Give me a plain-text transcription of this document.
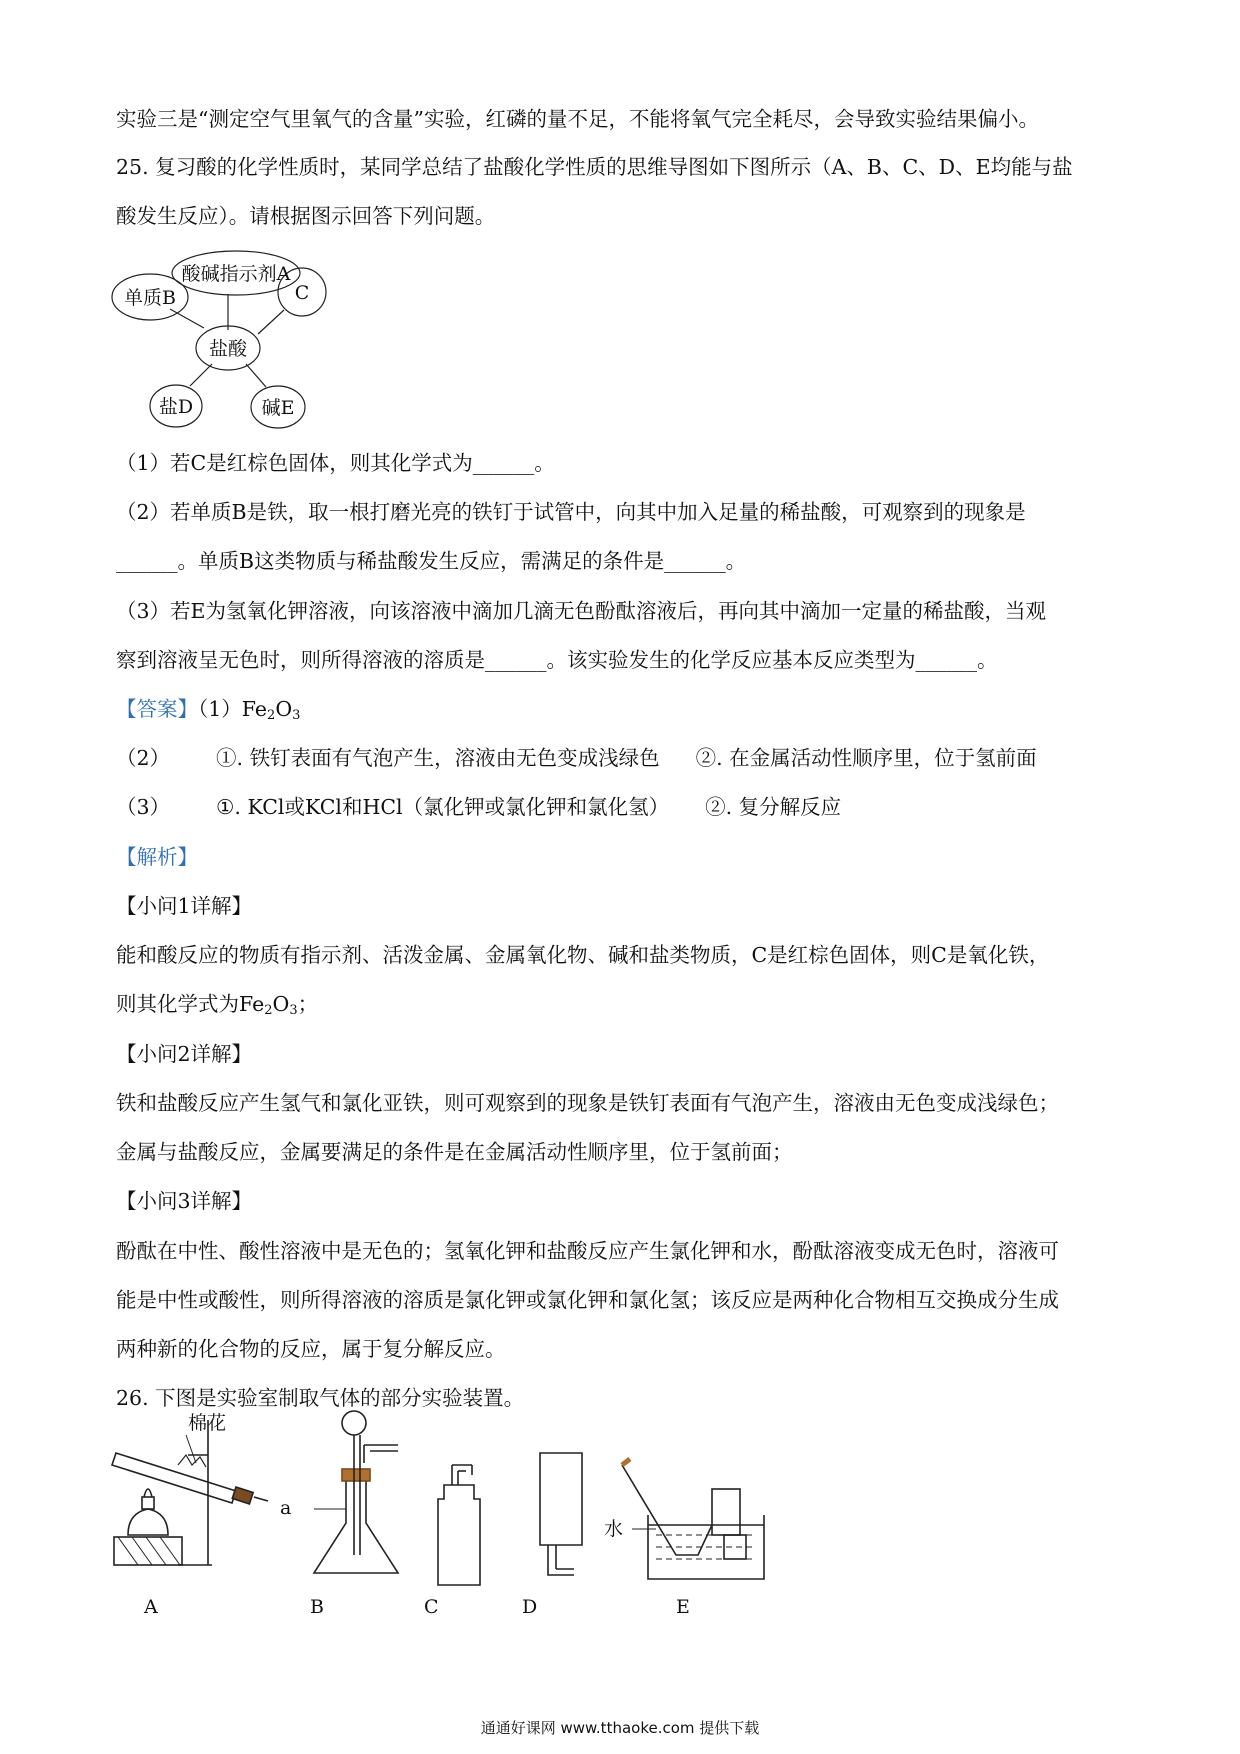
实验三是“测定空气里氧气的含量”实验，红磷的量不足，不能将氧气完全耗尽，会导致实验结果偏小。
25. 复习酸的化学性质时，某同学总结了盐酸化学性质的思维导图如下图所示（A、B、C、D、E均能与盐
酸发生反应）。请根据图示回答下列问题。
酸碱指示剂A
单质B	C
盐酸
盐D	碱E
（1）若C是红棕色固体，则其化学式为______。
（2）若单质B是铁，取一根打磨光亮的铁钉于试管中，向其中加入足量的稀盐酸，可观察到的现象是
______。单质B这类物质与稀盐酸发生反应，需满足的条件是______。
（3）若E为氢氧化钾溶液，向该溶液中滴加几滴无色酚酞溶液后，再向其中滴加一定量的稀盐酸，当观
察到溶液呈无色时，则所得溶液的溶质是______。该实验发生的化学反应基本反应类型为______。
【答案】$(1)Fe_2O_3$
（2） ①. 铁钉表面有气泡产生，溶液由无色变成浅绿色 ②. 在金属活动性顺序里，位于氢前面
（3） ①. KCl或KCl和HCl（氯化钾或氯化钾和氯化氢） ②. 复分解反应
【解析】
【小问1详解】
能和酸反应的物质有指示剂、活泼金属、金属氧化物、碱和盐类物质，C是红棕色固体，则C是氧化铁，
则其化学式为$Fe_2O_3$；
【小问2详解】
铁和盐酸反应产生氢气和氯化亚铁，则可观察到的现象是铁钉表面有气泡产生，溶液由无色变成浅绿色；
金属与盐酸反应，金属要满足的条件是在金属活动性顺序里，位于氢前面；
【小问3详解】
酚酞在中性、酸性溶液中是无色的；氢氧化钾和盐酸反应产生氯化钾和水，酚酞溶液变成无色时，溶液可
能是中性或酸性，则所得溶液的溶质是氯化钾或氯化钾和氯化氢；该反应是两种化合物相互交换成分生成
两种新的化合物的反应，属于复分解反应。
26. 下图是实验室制取气体的部分实验装置。
棉花
a
水
A	B	C	D	E
通通好课网 www.tthaoke.com 提供下载
